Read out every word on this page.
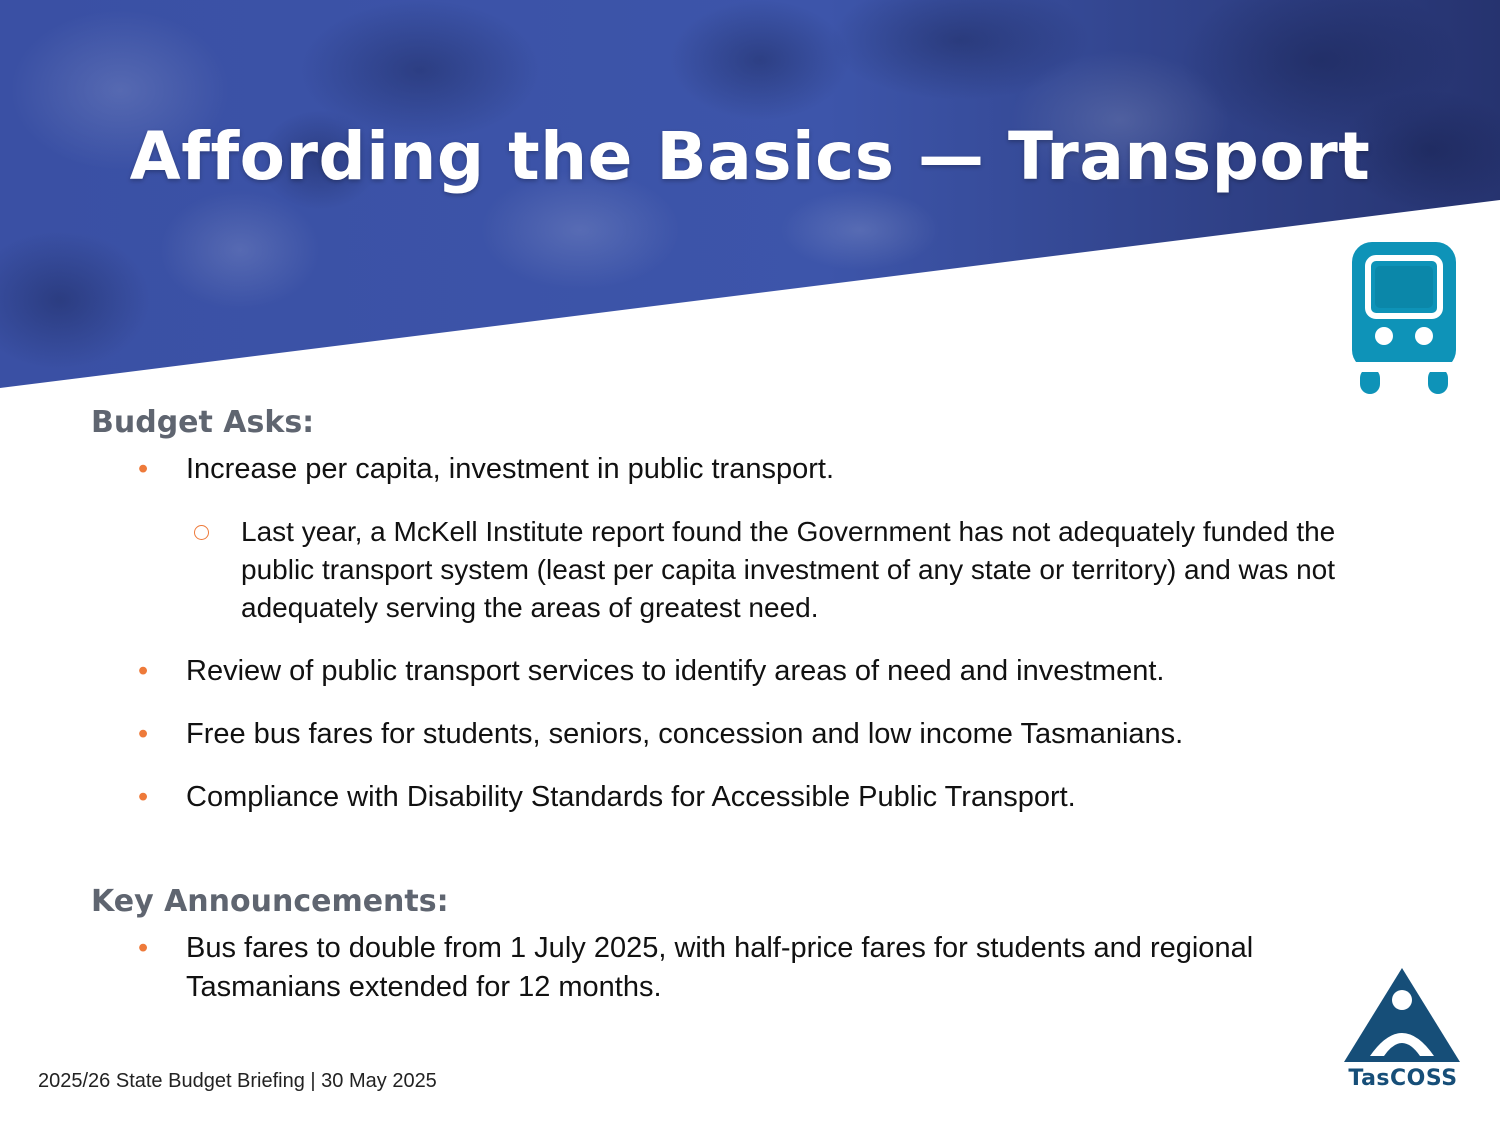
Affording the Basics — Transport
Budget Asks:
• Increase per capita, investment in public transport.
Last year, a McKell Institute report found the Government has not adequately funded the public transport system (least per capita investment of any state or territory) and was not adequately serving the areas of greatest need.
• Review of public transport services to identify areas of need and investment.
• Free bus fares for students, seniors, concession and low income Tasmanians.
• Compliance with Disability Standards for Accessible Public Transport.
Key Announcements:
• Bus fares to double from 1 July 2025, with half-price fares for students and regional Tasmanians extended for 12 months.
2025/26 State Budget Briefing | 30 May 2025	TasCOSS
